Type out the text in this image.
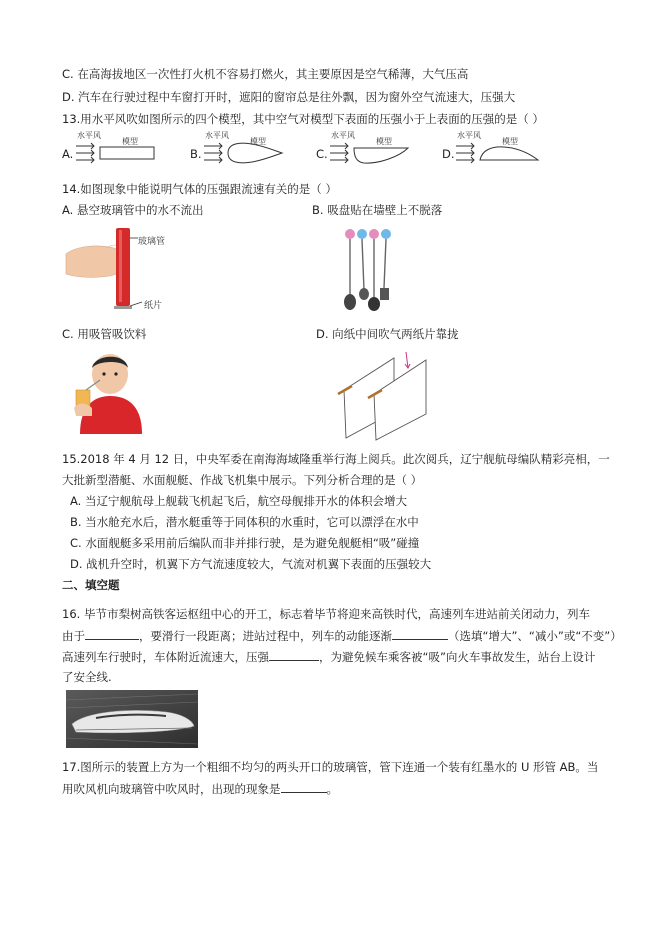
C. 在高海拔地区一次性打火机不容易打燃火，其主要原因是空气稀薄，大气压高
D. 汽车在行驶过程中车窗打开时，遮阳的窗帘总是往外飘，因为窗外空气流速大，压强大
13.用水平风吹如图所示的四个模型，其中空气对模型下表面的压强小于上表面的压强的是（ ）
A.
水平风
模型
B.
水平风
模型
C.
水平风
模型
D.
水平风
模型
14.如图现象中能说明气体的压强跟流速有关的是（ ）
A. 悬空玻璃管中的水不流出	B. 吸盘贴在墙壁上不脱落
玻璃管
纸片
C. 用吸管吸饮料	D. 向纸中间吹气两纸片靠拢
15.2018 年 4 月 12 日，中央军委在南海海域隆重举行海上阅兵。此次阅兵，辽宁舰航母编队精彩亮相，一
大批新型潜艇、水面舰艇、作战飞机集中展示。下列分析合理的是（ ）
A. 当辽宁舰航母上舰载飞机起飞后，航空母舰排开水的体积会增大
B. 当水舱充水后，潜水艇重等于同体积的水重时，它可以漂浮在水中
C. 水面舰艇多采用前后编队而非并排行驶，是为避免舰艇相“吸”碰撞
D. 战机升空时，机翼下方气流速度较大，气流对机翼下表面的压强较大
二、填空题
16. 毕节市梨树高铁客运枢纽中心的开工，标志着毕节将迎来高铁时代，高速列车进站前关闭动力，列车
由于	，要滑行一段距离；进站过程中，列车的动能逐渐	（选填“增大”、“减小”或“不变”）
高速列车行驶时，车体附近流速大，压强	，为避免候车乘客被“吸”向火车事故发生，站台上设计
了安全线.
17.图所示的装置上方为一个粗细不均匀的两头开口的玻璃管，管下连通一个装有红墨水的 U 形管 AB。当
用吹风机向玻璃管中吹风时，出现的现象是	。
